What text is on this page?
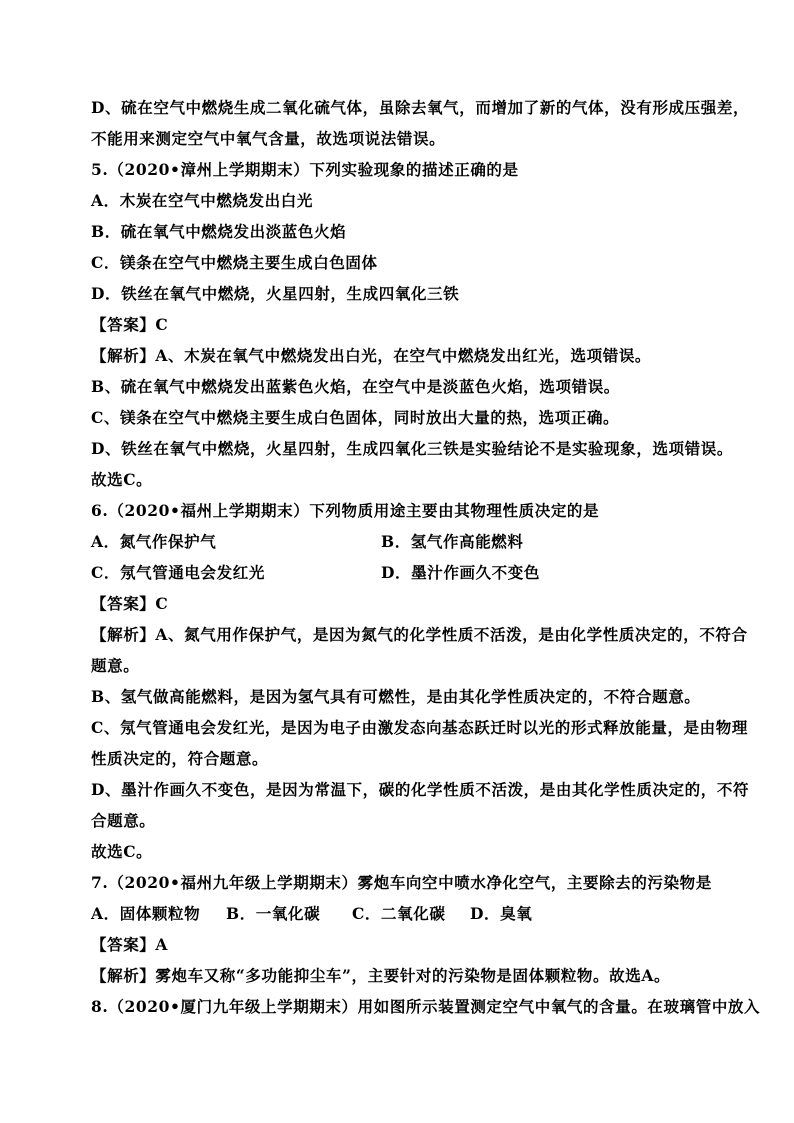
D、硫在空气中燃烧生成二氧化硫气体，虽除去氧气，而增加了新的气体，没有形成压强差，
不能用来测定空气中氧气含量，故选项说法错误。
5.（2020•漳州上学期期末）下列实验现象的描述正确的是
A．木炭在空气中燃烧发出白光
B．硫在氧气中燃烧发出淡蓝色火焰
C．镁条在空气中燃烧主要生成白色固体
D．铁丝在氧气中燃烧，火星四射，生成四氧化三铁
【答案】C
【解析】A、木炭在氧气中燃烧发出白光，在空气中燃烧发出红光，选项错误。
B、硫在氧气中燃烧发出蓝紫色火焰，在空气中是淡蓝色火焰，选项错误。
C、镁条在空气中燃烧主要生成白色固体，同时放出大量的热，选项正确。
D、铁丝在氧气中燃烧，火星四射，生成四氧化三铁是实验结论不是实验现象，选项错误。
故选C。
6.（2020•福州上学期期末）下列物质用途主要由其物理性质决定的是
A．氮气作保护气	B．氢气作高能燃料
C．氖气管通电会发红光	D．墨汁作画久不变色
【答案】C
【解析】A、氮气用作保护气，是因为氮气的化学性质不活泼，是由化学性质决定的，不符合
题意。
B、氢气做高能燃料，是因为氢气具有可燃性，是由其化学性质决定的，不符合题意。
C、氖气管通电会发红光，是因为电子由激发态向基态跃迁时以光的形式释放能量，是由物理
性质决定的，符合题意。
D、墨汁作画久不变色，是因为常温下，碳的化学性质不活泼，是由其化学性质决定的，不符
合题意。
故选C。
7.（2020•福州九年级上学期期末）雾炮车向空中喷水净化空气，主要除去的污染物是
A．固体颗粒物 B．一氧化碳 C．二氧化碳 D．臭氧
【答案】A
【解析】雾炮车又称“多功能抑尘车”，主要针对的污染物是固体颗粒物。故选A。
8.（2020•厦门九年级上学期期末）用如图所示装置测定空气中氧气的含量。在玻璃管中放入
